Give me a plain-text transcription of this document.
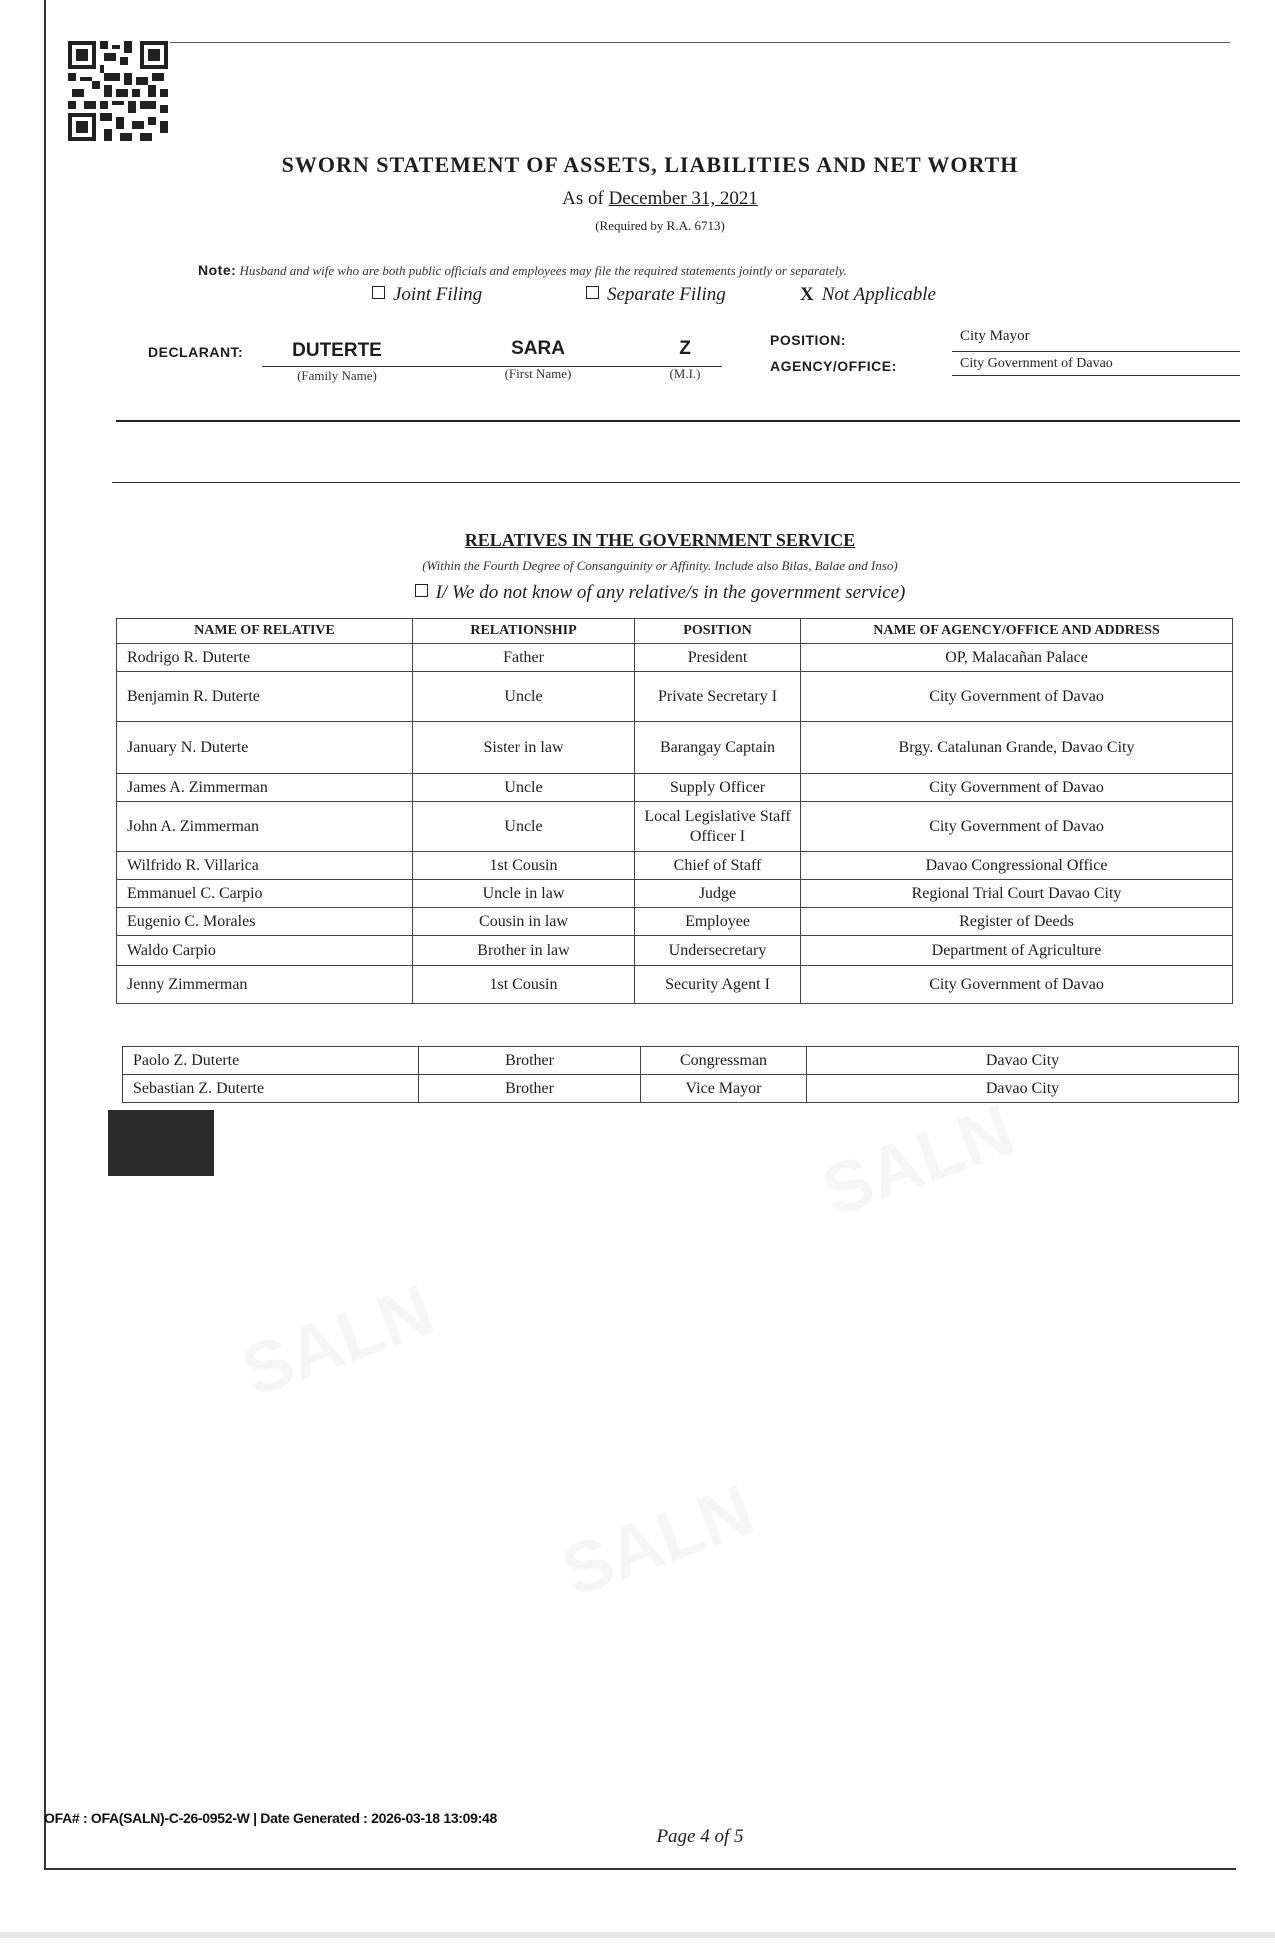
SWORN STATEMENT OF ASSETS, LIABILITIES AND NET WORTH
As of December 31, 2021
(Required by R.A. 6713)
Note: Husband and wife who are both public officials and employees may file the required statements jointly or separately.
Joint Filing	Separate Filing	X Not Applicable
DECLARANT:	DUTERTE	SARA	Z
(Family Name)	(First Name)	(M.I.)
POSITION:	City Mayor
AGENCY/OFFICE:	City Government of Davao
RELATIVES IN THE GOVERNMENT SERVICE
(Within the Fourth Degree of Consanguinity or Affinity. Include also Bilas, Balae and Inso)
I/ We do not know of any relative/s in the government service)
NAME OF RELATIVE	RELATIONSHIP	POSITION	NAME OF AGENCY/OFFICE AND ADDRESS
Rodrigo R. Duterte	Father	President	OP, Malacañan Palace
Benjamin R. Duterte	Uncle	Private Secretary I	City Government of Davao
January N. Duterte	Sister in law	Barangay Captain	Brgy. Catalunan Grande, Davao City
James A. Zimmerman	Uncle	Supply Officer	City Government of Davao
John A. Zimmerman	Uncle	Local Legislative Staff Officer I	City Government of Davao
Wilfrido R. Villarica	1st Cousin	Chief of Staff	Davao Congressional Office
Emmanuel C. Carpio	Uncle in law	Judge	Regional Trial Court Davao City
Eugenio C. Morales	Cousin in law	Employee	Register of Deeds
Waldo Carpio	Brother in law	Undersecretary	Department of Agriculture
Jenny Zimmerman	1st Cousin	Security Agent I	City Government of Davao
Paolo Z. Duterte	Brother	Congressman	Davao City
Sebastian Z. Duterte	Brother	Vice Mayor	Davao City
OFA# : OFA(SALN)-C-26-0952-W | Date Generated : 2026-03-18 13:09:48
Page 4 of 5
